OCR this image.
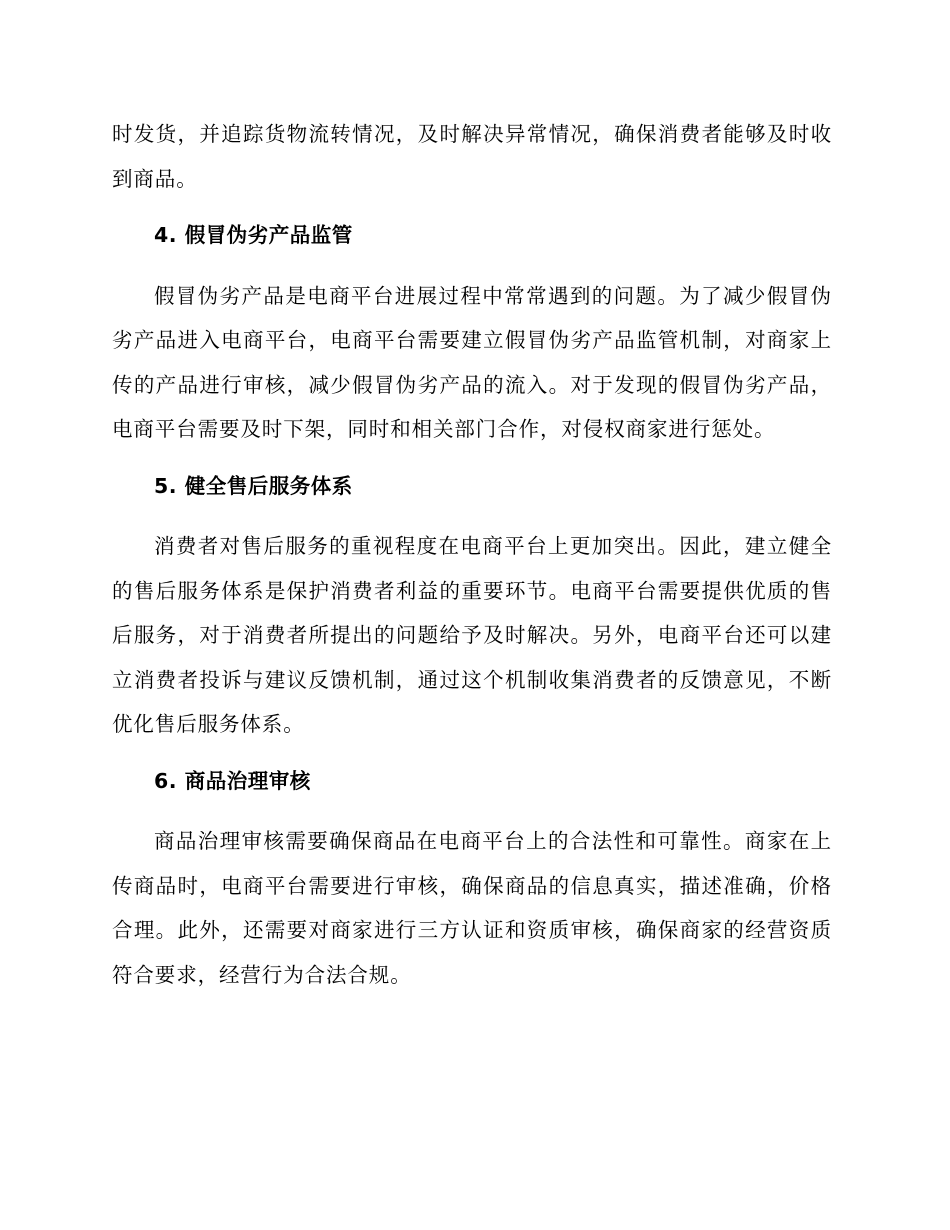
时发货，并追踪货物流转情况，及时解决异常情况，确保消费者能够及时收到商品。

4. 假冒伪劣产品监管

假冒伪劣产品是电商平台进展过程中常常遇到的问题。为了减少假冒伪劣产品进入电商平台，电商平台需要建立假冒伪劣产品监管机制，对商家上传的产品进行审核，减少假冒伪劣产品的流入。对于发现的假冒伪劣产品，电商平台需要及时下架，同时和相关部门合作，对侵权商家进行惩处。

5. 健全售后服务体系

消费者对售后服务的重视程度在电商平台上更加突出。因此，建立健全的售后服务体系是保护消费者利益的重要环节。电商平台需要提供优质的售后服务，对于消费者所提出的问题给予及时解决。另外，电商平台还可以建立消费者投诉与建议反馈机制，通过这个机制收集消费者的反馈意见，不断优化售后服务体系。

6. 商品治理审核

商品治理审核需要确保商品在电商平台上的合法性和可靠性。商家在上传商品时，电商平台需要进行审核，确保商品的信息真实，描述准确，价格合理。此外，还需要对商家进行三方认证和资质审核，确保商家的经营资质符合要求，经营行为合法合规。
